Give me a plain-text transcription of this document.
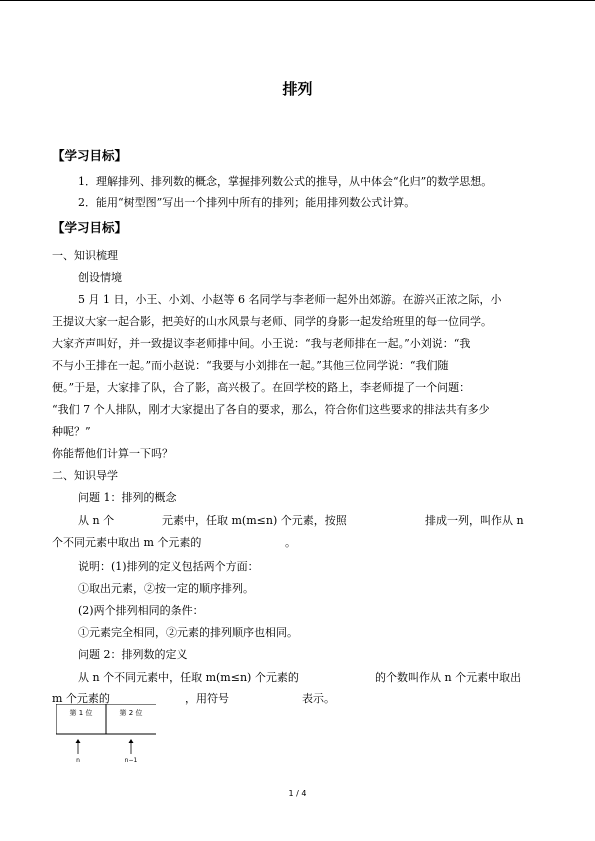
排列
【学习目标】
1．理解排列、排列数的概念，掌握排列数公式的推导，从中体会“化归”的数学思想。
2．能用“树型图”写出一个排列中所有的排列；能用排列数公式计算。
【学习目标】
一、知识梳理
创设情境
5 月 1 日，小王、小刘、小赵等 6 名同学与李老师一起外出郊游。在游兴正浓之际，小
王提议大家一起合影，把美好的山水风景与老师、同学的身影一起发给班里的每一位同学。
大家齐声叫好，并一致提议李老师排中间。小王说：“我与老师排在一起。”小刘说：“我
不与小王排在一起。”而小赵说：“我要与小刘排在一起。”其他三位同学说：“我们随
便。”于是，大家排了队，合了影，高兴极了。在回学校的路上，李老师提了一个问题：
“我们 7 个人排队，刚才大家提出了各自的要求，那么，符合你们这些要求的排法共有多少
种呢？”
你能帮他们计算一下吗？
二、知识导学
问题 1：排列的概念
从 n 个	元素中，任取 m(m≤n) 个元素，按照	排成一列，叫作从 n
个不同元素中取出 m 个元素的	。
说明：(1)排列的定义包括两个方面：
①取出元素，②按一定的顺序排列。
(2)两个排列相同的条件：
①元素完全相同，②元素的排列顺序也相同。
问题 2：排列数的定义
从 n 个不同元素中，任取 m(m≤n) 个元素的	的个数叫作从 n 个元素中取出
m 个元素的	，用符号	表示。
第 1 位	第 2 位
n	n−1
1 / 4
